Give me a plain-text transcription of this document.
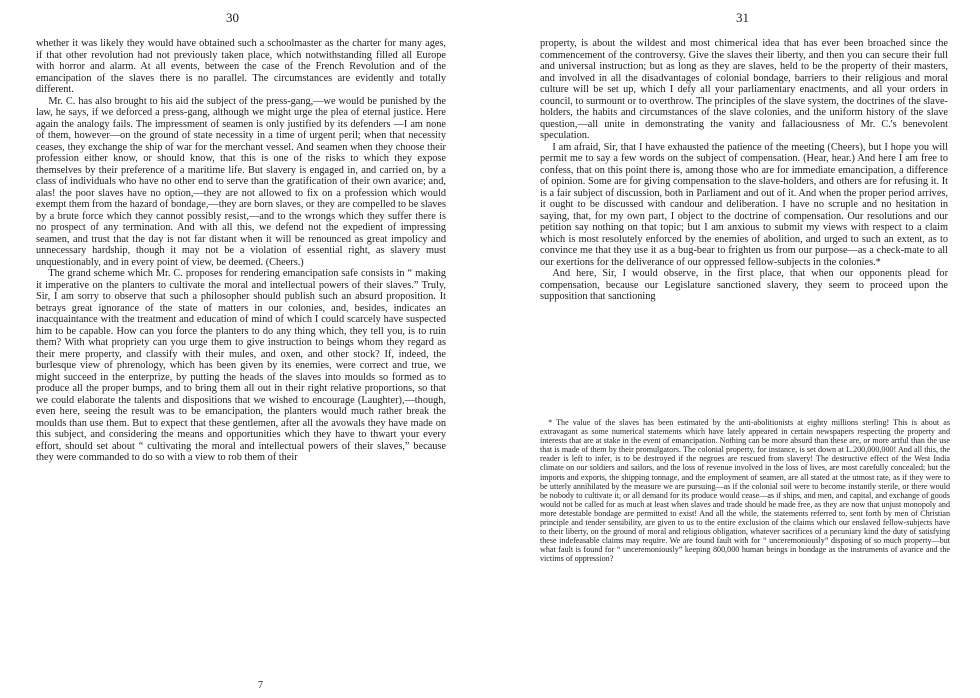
30

whether it was likely they would have obtained such a schoolmaster as the charter for many ages, if that other revolution had not previously taken place, which notwithstanding filled all Europe with horror and alarm. At all events, between the case of the French Revolution and of the emancipation of the slaves there is no parallel. The circumstances are evidently and totally different.

Mr. C. has also brought to his aid the subject of the press-gang,—we would be punished by the law, he says, if we deforced a press-gang, although we might urge the plea of eternal justice. Here again the analogy fails. The impressment of seamen is only justified by its defenders —I am none of them, however—on the ground of state necessity in a time of urgent peril; when that necessity ceases, they exchange the ship of war for the merchant vessel. And seamen when they choose their profession either know, or should know, that this is one of the risks to which they expose themselves by their preference of a maritime life. But slavery is engaged in, and carried on, by a class of individuals who have no other end to serve than the gratification of their own avarice; and, alas! the poor slaves have no option,—they are not allowed to fix on a profession which would exempt them from the hazard of bondage,—they are born slaves, or they are compelled to be slaves by a brute force which they cannot possibly resist,—and to the wrongs which they suffer there is no prospect of any termination. And with all this, we defend not the expedient of impressing seamen, and trust that the day is not far distant when it will be renounced as great impolicy and unnecessary hardship, though it may not be a violation of essential right, as slavery must unquestionably, and in every point of view, be deemed. (Cheers.)

The grand scheme which Mr. C. proposes for rendering emancipation safe consists in “ making it imperative on the planters to cultivate the moral and intellectual powers of their slaves.” Truly, Sir, I am sorry to observe that such a philosopher should publish such an absurd proposition. It betrays great ignorance of the state of matters in our colonies, and, besides, indicates an inacquaintance with the treatment and education of mind of which I could scarcely have suspected him to be capable. How can you force the planters to do any thing which, they tell you, is to ruin them? With what propriety can you urge them to give instruction to beings whom they regard as their mere property, and classify with their mules, and oxen, and other stock? If, indeed, the burlesque view of phrenology, which has been given by its enemies, were correct and true, we might succeed in the enterprize, by putting the heads of the slaves into moulds so formed as to produce all the proper bumps, and to bring them all out in their right relative proportions, so that we could elaborate the talents and dispositions that we wished to encourage (Laughter),—though, even here, seeing the result was to be emancipation, the planters would much rather break the moulds than use them. But to expect that these gentlemen, after all the avowals they have made on this subject, and considering the means and opportunities which they have to thwart your every effort, should set about “ cultivating the moral and intellectual powers of their slaves,” because they were commanded to do so with a view to rob them of their

7
31

property, is about the wildest and most chimerical idea that has ever been broached since the commencement of the controversy. Give the slaves their liberty, and then you can secure their full and universal instruction; but as long as they are slaves, held to be the property of their masters, and involved in all the disadvantages of colonial bondage, barriers to their religious and moral culture will be set up, which I defy all your parliamentary enactments, and all your orders in council, to surmount or to overthrow. The principles of the slave system, the doctrines of the slave-holders, the habits and circumstances of the slave colonies, and the uniform history of the slave question,—all unite in demonstrating the vanity and fallaciousness of Mr. C.'s benevolent speculation.

I am afraid, Sir, that I have exhausted the patience of the meeting (Cheers), but I hope you will permit me to say a few words on the subject of compensation. (Hear, hear.) And here I am free to confess, that on this point there is, among those who are for immediate emancipation, a difference of opinion. Some are for giving compensation to the slave-holders, and others are for refusing it. It is a fair subject of discussion, both in Parliament and out of it. And when the proper period arrives, it ought to be discussed with candour and deliberation. I have no scruple and no hesitation in saying, that, for my own part, I object to the doctrine of compensation. Our resolutions and our petition say nothing on that topic; but I am anxious to submit my views with respect to a claim which is most resolutely enforced by the enemies of abolition, and urged to such an extent, as to convince me that they use it as a bug-bear to frighten us from our purpose—as a check-mate to all our exertions for the deliverance of our oppressed fellow-subjects in the colonies.*

And here, Sir, I would observe, in the first place, that when our opponents plead for compensation, because our Legislature sanctioned slavery, they seem to proceed upon the supposition that sanctioning

* The value of the slaves has been estimated by the anti-abolitionists at eighty millions sterling! This is about as extravagant as some numerical statements which have lately appeared in certain newspapers respecting the property and interests that are at stake in the event of emancipation. Nothing can be more absurd than these are, or more artful than the use that is made of them by their promulgators. The colonial property, for instance, is set down at L.200,000,000! And all this, the reader is left to infer, is to be destroyed if the negroes are rescued from slavery! The destructive effect of the West India climate on our soldiers and sailors, and the loss of revenue involved in the loss of lives, are most carefully concealed; but the imports and exports, the shipping tonnage, and the employment of seamen, are all stated at the utmost rate, as if they were to be utterly annihilated by the measure we are pursuing—as if the colonial soil were to become instantly sterile, or there would be nobody to cultivate it, or all demand for its produce would cease—as if ships, and men, and capital, and exchange of goods would not be called for as much at least when slaves and trade should be made free, as they are now that unjust monopoly and more detestable bondage are permitted to exist! And all the while, the statements referred to, sent forth by men of Christian principle and tender sensibility, are given to us to the entire exclusion of the claims which our enslaved fellow-subjects have to their liberty, on the ground of moral and religious obligation, whatever sacrifices of a pecuniary kind the duty of satisfying these indefeasable claims may require. We are found fault with for “ unceremoniously” disposing of so much property—but what fault is found for “ unceremoniously” keeping 800,000 human beings in bondage as the instruments of avarice and the victims of oppression?
